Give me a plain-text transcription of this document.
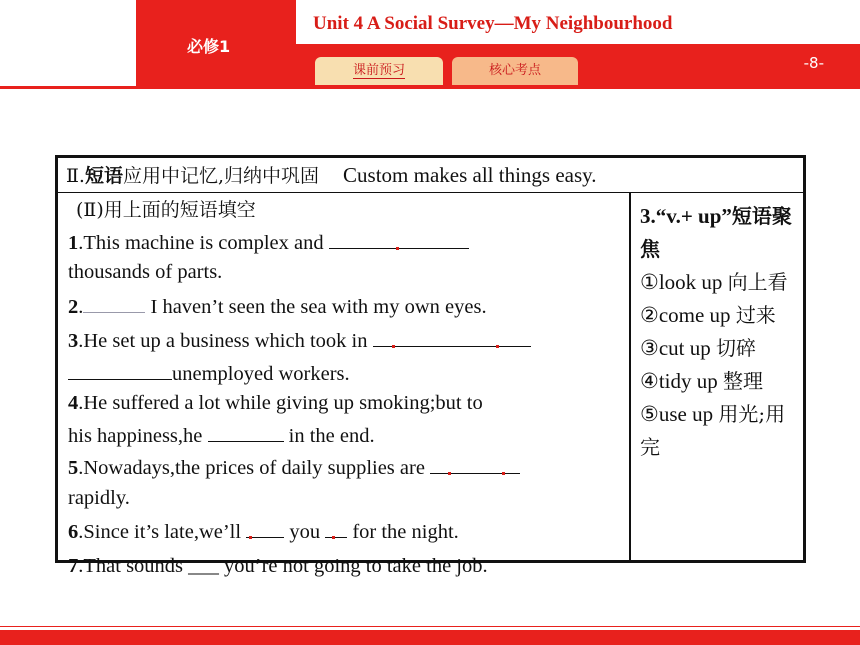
必修1
Unit 4 A Social Survey—My Neighbourhood
-8-
课前预习	核心考点
Ⅱ.短语应用中记忆,归纳中巩固 Custom makes all things easy.
(Ⅱ)用上面的短语填空
1.This machine is complex and
thousands of parts.
2.	I haven’t seen the sea with my own eyes.
3.He set up a business which took in
unemployed workers.
4.He suffered a lot while giving up smoking;but to
his happiness,he	in the end.
5.Nowadays,the prices of daily supplies are
rapidly.
6.Since it’s late,we’ll
you
for the night.
7.That sounds ___ you’re not going to take the job.
3.“v.+ up”短语聚焦
①look up 向上看
②come up 过来
③cut up 切碎
④tidy up 整理
⑤use up 用光;用完
